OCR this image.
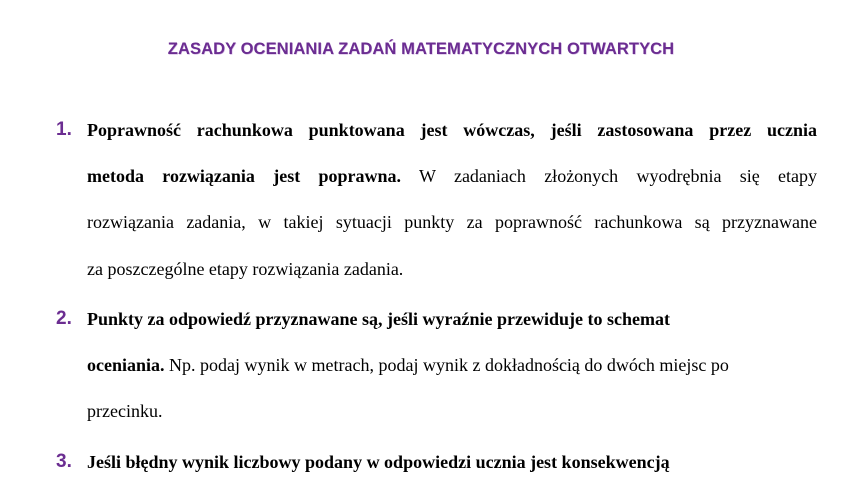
ZASADY OCENIANIA ZADAŃ MATEMATYCZNYCH OTWARTYCH
1. Poprawność rachunkowa punktowana jest wówczas, jeśli zastosowana przez ucznia
metoda rozwiązania jest poprawna. W zadaniach złożonych wyodrębnia się etapy
rozwiązania zadania, w takiej sytuacji punkty za poprawność rachunkowa są przyznawane
za poszczególne etapy rozwiązania zadania.
2. Punkty za odpowiedź przyznawane są, jeśli wyraźnie przewiduje to schemat
oceniania. Np. podaj wynik w metrach, podaj wynik z dokładnością do dwóch miejsc po
przecinku.
3. Jeśli błędny wynik liczbowy podany w odpowiedzi ucznia jest konsekwencją
